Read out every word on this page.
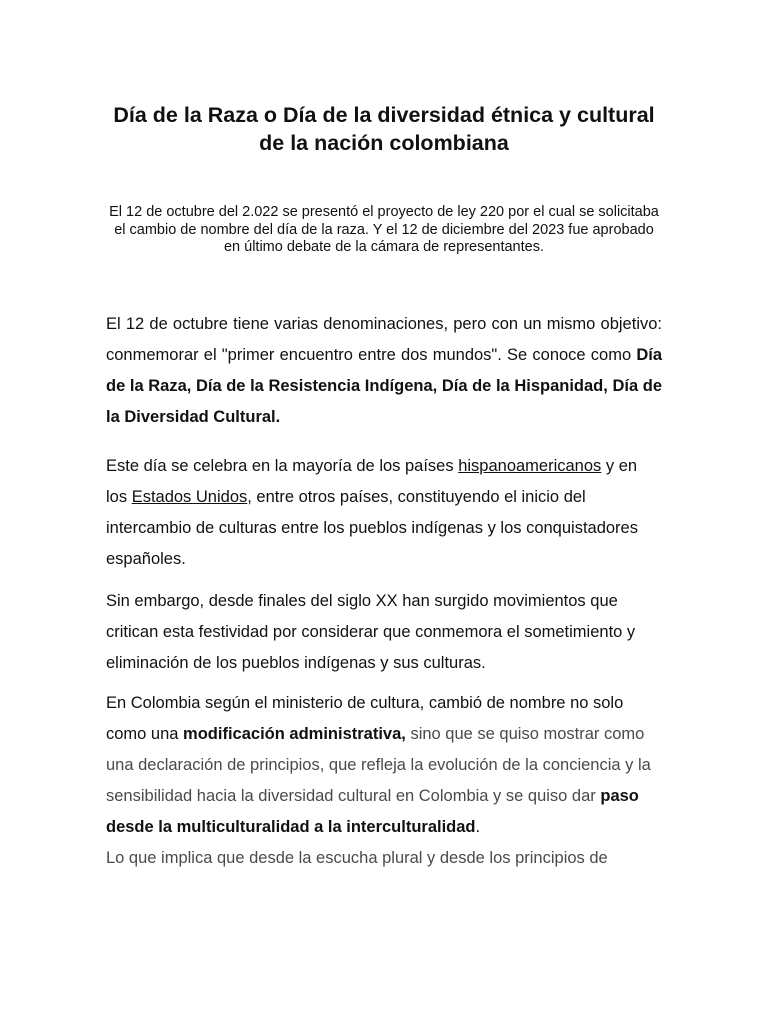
Día de la Raza o Día de la diversidad étnica y cultural de la nación colombiana

El 12 de octubre del 2.022 se presentó el proyecto de ley 220 por el cual se solicitaba el cambio de nombre del día de la raza. Y el 12 de diciembre del 2023 fue aprobado en último debate de la cámara de representantes.

El 12 de octubre tiene varias denominaciones, pero con un mismo objetivo: conmemorar el "primer encuentro entre dos mundos". Se conoce como Día de la Raza, Día de la Resistencia Indígena, Día de la Hispanidad, Día de la Diversidad Cultural.

Este día se celebra en la mayoría de los países hispanoamericanos y en los Estados Unidos, entre otros países, constituyendo el inicio del intercambio de culturas entre los pueblos indígenas y los conquistadores españoles.

Sin embargo, desde finales del siglo XX han surgido movimientos que critican esta festividad por considerar que conmemora el sometimiento y eliminación de los pueblos indígenas y sus culturas.

En Colombia según el ministerio de cultura, cambió de nombre no solo como una modificación administrativa, sino que se quiso mostrar como una declaración de principios, que refleja la evolución de la conciencia y la sensibilidad hacia la diversidad cultural en Colombia y se quiso dar paso desde la multiculturalidad a la interculturalidad.
Lo que implica que desde la escucha plural y desde los principios de
